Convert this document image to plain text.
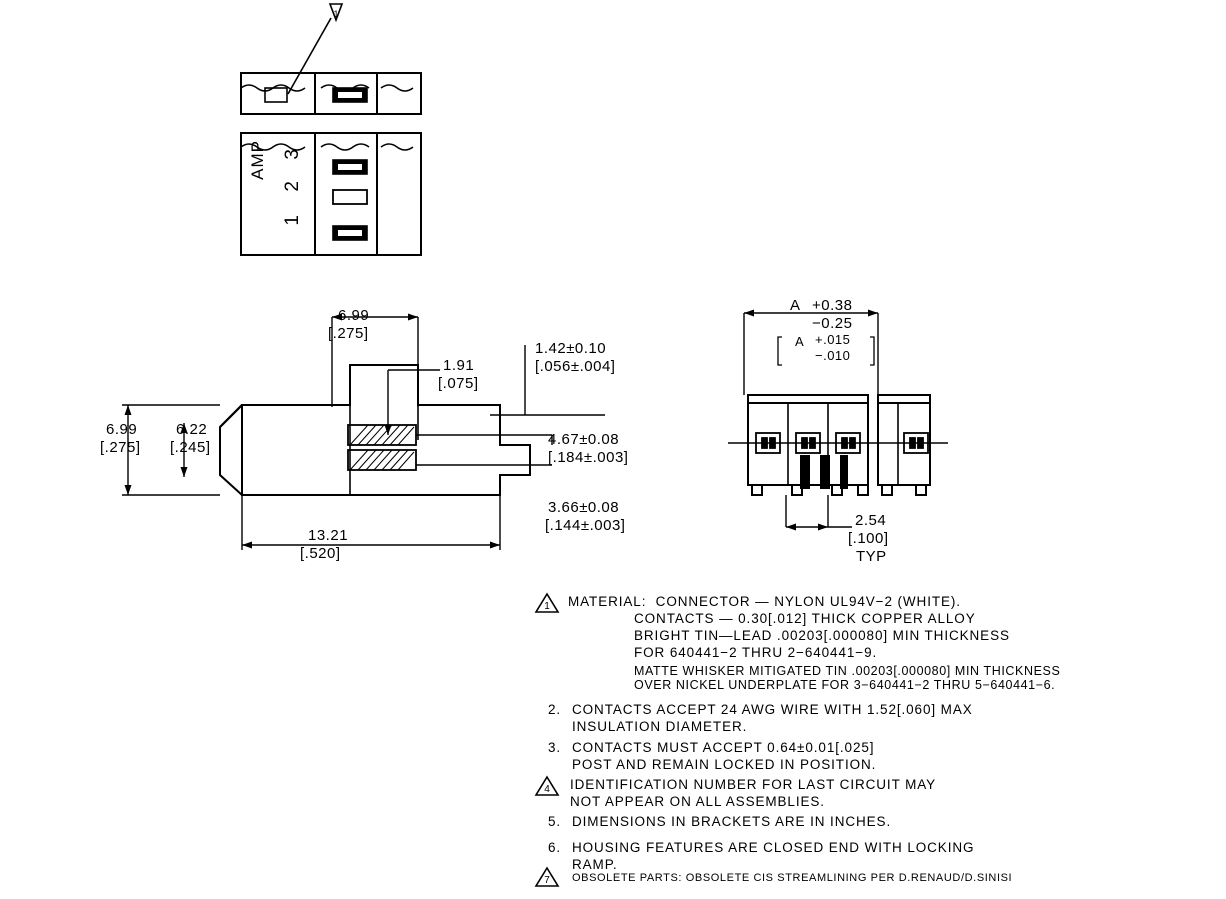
1
AMP 3
2
1
6.99
[.275]
1.91
[.075]
1.42±0.10
[.056±.004]
6.99
[.275]
6.22
[.245]	4.67±0.08
[.184±.003]
3.66±0.08
[.144±.003]
13.21
[.520]
A +0.38
−0.25
A +.015
−.010
2.54
[.100]
TYP
1 MATERIAL:  CONNECTOR — NYLON UL94V−2 (WHITE).
CONTACTS — 0.30[.012] THICK COPPER ALLOY
BRIGHT TIN—LEAD .00203[.000080] MIN THICKNESS
FOR 640441−2 THRU 2−640441−9.
MATTE WHISKER MITIGATED TIN .00203[.000080] MIN THICKNESS
OVER NICKEL UNDERPLATE FOR 3−640441−2 THRU 5−640441−6.
2. CONTACTS ACCEPT 24 AWG WIRE WITH 1.52[.060] MAX
INSULATION DIAMETER.
3. CONTACTS MUST ACCEPT 0.64±0.01[.025]
POST AND REMAIN LOCKED IN POSITION.
4 IDENTIFICATION NUMBER FOR LAST CIRCUIT MAY
NOT APPEAR ON ALL ASSEMBLIES.
5. DIMENSIONS IN BRACKETS ARE IN INCHES.
6. HOUSING FEATURES ARE CLOSED END WITH LOCKING
RAMP.
7 OBSOLETE PARTS: OBSOLETE CIS STREAMLINING PER D.RENAUD/D.SINISI
